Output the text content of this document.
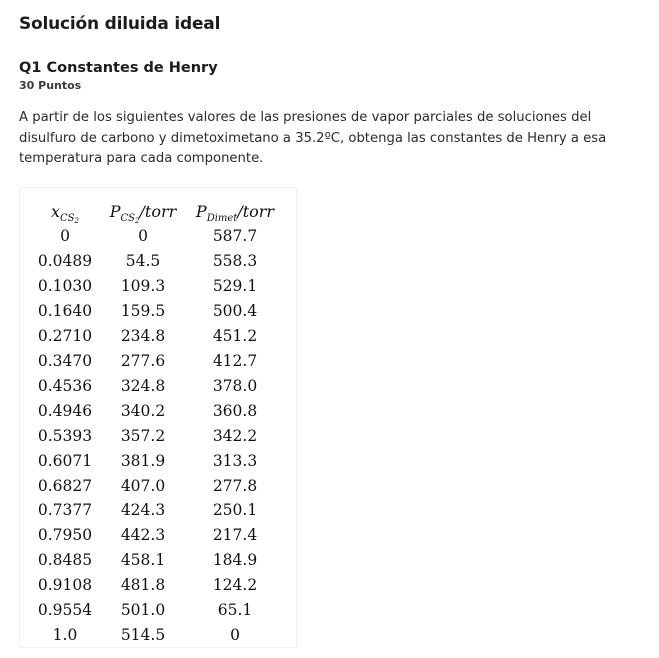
Solución diluida ideal
Q1 Constantes de Henry
30 Puntos
A partir de los siguientes valores de las presiones de vapor parciales de soluciones del disulfuro de carbono y dimetoximetano a 35.2ºC, obtenga las constantes de Henry a esa temperatura para cada componente.
$x_{CS_2}$	$P_{CS_2}$/torr	$P_{Dimet}$/torr
0	0	587.7
0.0489	54.5	558.3
0.1030	109.3	529.1
0.1640	159.5	500.4
0.2710	234.8	451.2
0.3470	277.6	412.7
0.4536	324.8	378.0
0.4946	340.2	360.8
0.5393	357.2	342.2
0.6071	381.9	313.3
0.6827	407.0	277.8
0.7377	424.3	250.1
0.7950	442.3	217.4
0.8485	458.1	184.9
0.9108	481.8	124.2
0.9554	501.0	65.1
1.0	514.5	0
